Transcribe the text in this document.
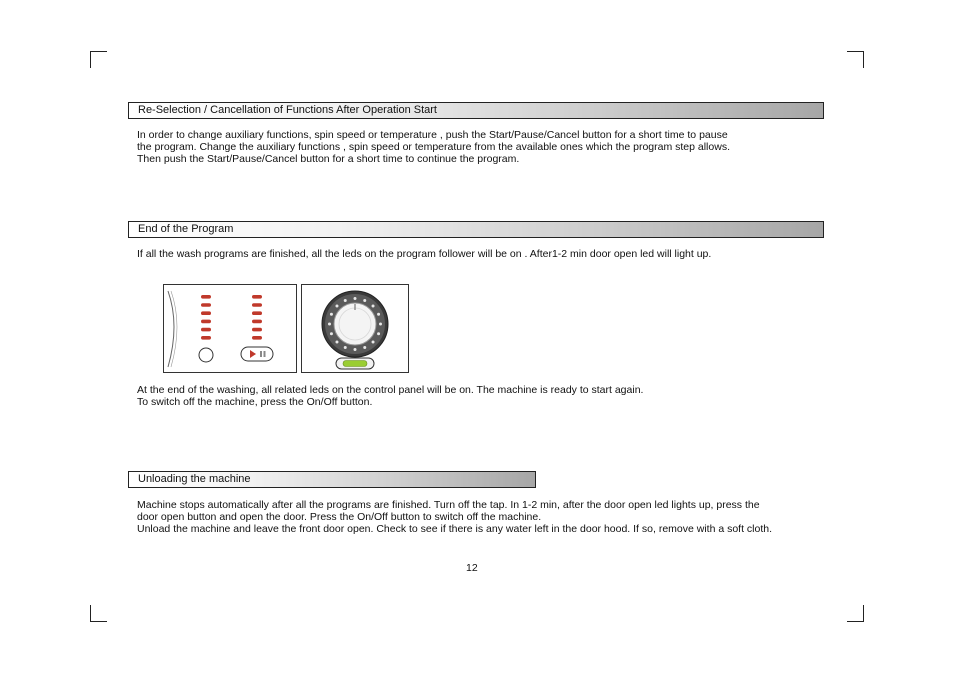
Re-Selection / Cancellation of Functions After Operation Start
In order to change auxiliary functions, spin speed or temperature , push the Start/Pause/Cancel button for a short time to pause
the program. Change the auxiliary functions , spin speed or temperature from the available ones which the program step allows.
Then push the Start/Pause/Cancel button for a short time to continue the program.
End of the Program
If all the wash programs are finished, all the leds on the program follower will be on . After1-2 min door open led will light up.
At the end of the washing, all related leds on the control panel will be on. The machine is ready to start again.
To switch off the machine, press the On/Off button.
Unloading the machine
Machine stops automatically after all the programs are finished. Turn off the tap. In 1-2 min, after the door open led lights up, press the
door open button and open the door. Press the On/Off button to switch off the machine.
Unload the machine and leave the front door open. Check to see if there is any water left in the door hood. If so, remove with a soft cloth.
12
